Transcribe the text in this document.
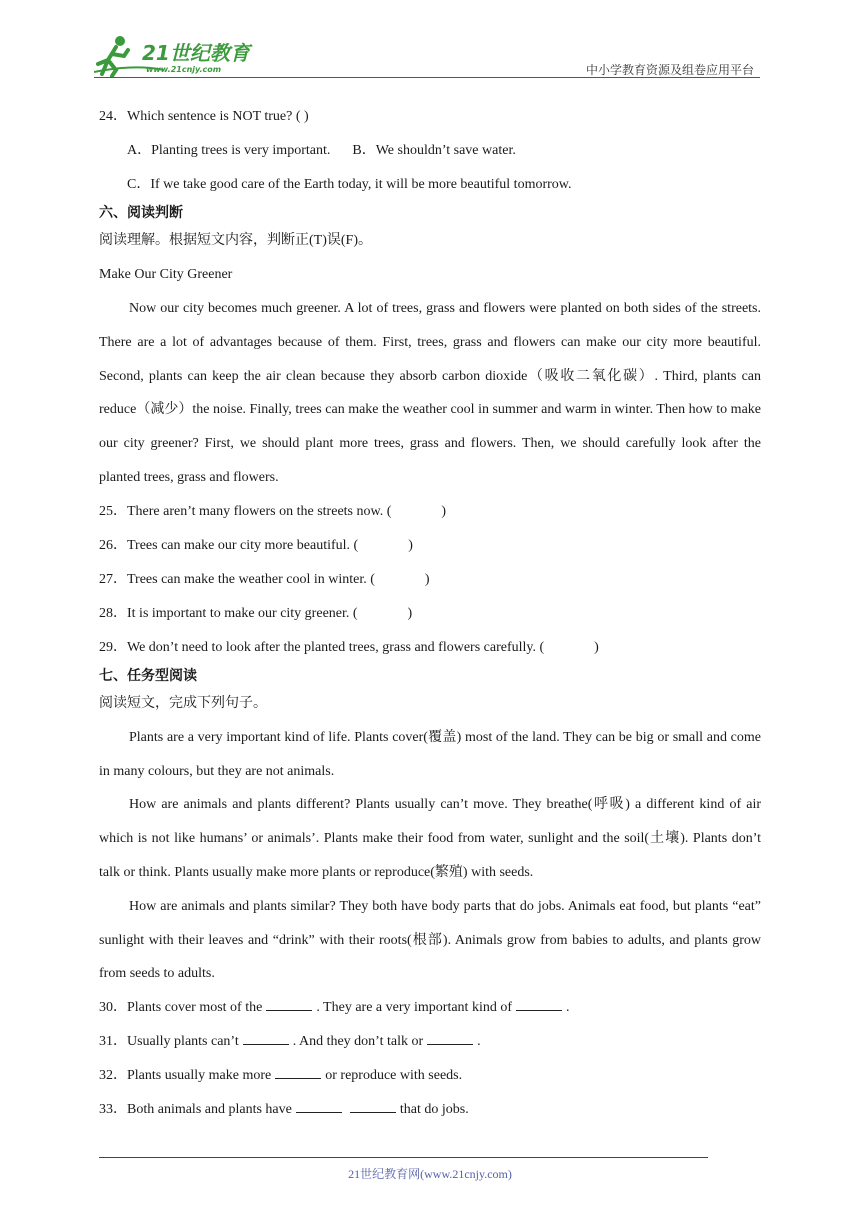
21世纪教育
www.21cnjy.com	中小学教育资源及组卷应用平台
24．Which sentence is NOT true? ( )
A．Planting trees is very important. B．We shouldn’t save water.
C．If we take good care of the Earth today, it will be more beautiful tomorrow.
六、阅读判断
阅读理解。根据短文内容，判断正(T)误(F)。
Make Our City Greener

Now our city becomes much greener. A lot of trees, grass and flowers were planted on both sides of the streets. There are a lot of advantages because of them. First, trees, grass and flowers can make our city more beautiful. Second, plants can keep the air clean because they absorb carbon dioxide（吸收二氧化碳）. Third, plants can reduce（减少）the noise. Finally, trees can make the weather cool in summer and warm in winter. Then how to make our city greener? First, we should plant more trees, grass and flowers. Then, we should carefully look after the planted trees, grass and flowers.

25．There aren’t many flowers on the streets now. (	)
26．Trees can make our city more beautiful. (	)
27．Trees can make the weather cool in winter. (	)
28．It is important to make our city greener. (	)
29．We don’t need to look after the planted trees, grass and flowers carefully. (	)
七、任务型阅读
阅读短文，完成下列句子。

Plants are a very important kind of life. Plants cover(覆盖) most of the land. They can be big or small and come in many colours, but they are not animals.

How are animals and plants different? Plants usually can’t move. They breathe(呼吸) a different kind of air which is not like humans’ or animals’. Plants make their food from water, sunlight and the soil(土壤). Plants don’t talk or think. Plants usually make more plants or reproduce(繁殖) with seeds.

How are animals and plants similar? They both have body parts that do jobs. Animals eat food, but plants “eat” sunlight with their leaves and “drink” with their roots(根部). Animals grow from babies to adults, and plants grow from seeds to adults.

30．Plants cover most of the	. They are a very important kind of	.
31．Usually plants can’t	. And they don’t talk or	.
32．Plants usually make more	or reproduce with seeds.
33．Both animals and plants have	that do jobs.
21世纪教育网(www.21cnjy.com)
